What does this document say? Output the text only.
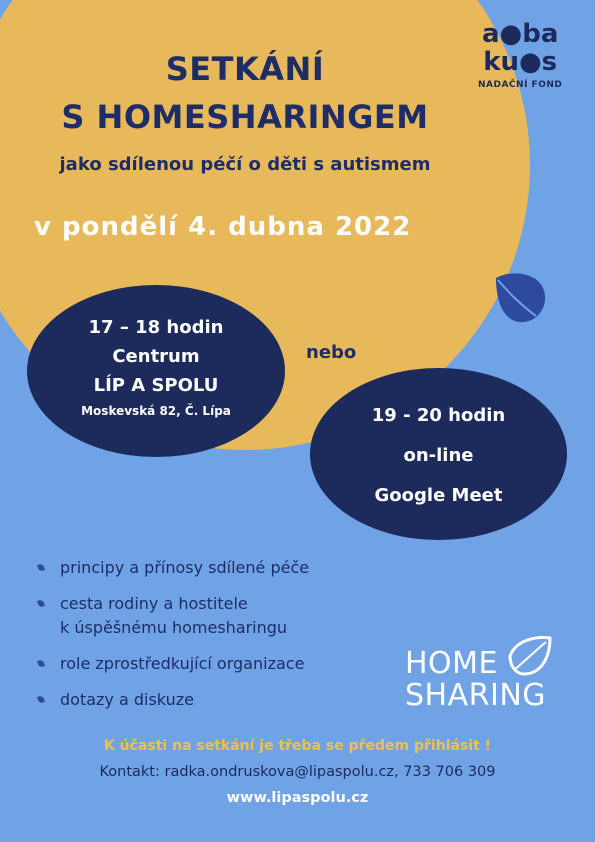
SETKÁNÍ
S HOMESHARINGEM
jako sdílenou péčí o děti s autismem
v pondělí 4. dubna 2022
a●ba
ku●s
NADAČNÍ FOND
17 – 18 hodin
Centrum
LÍP A SPOLU
Moskevská 82, Č. Lípa
nebo
19 - 20 hodin
on-line
Google Meet
principy a přínosy sdílené péče
cesta rodiny a hostitele
k úspěšnému homesharingu
role zprostředkující organizace
dotazy a diskuze
HOME
SHARING
K účasti na setkání je třeba se předem přihlásit !
Kontakt: radka.ondruskova@lipaspolu.cz, 733 706 309
www.lipaspolu.cz
